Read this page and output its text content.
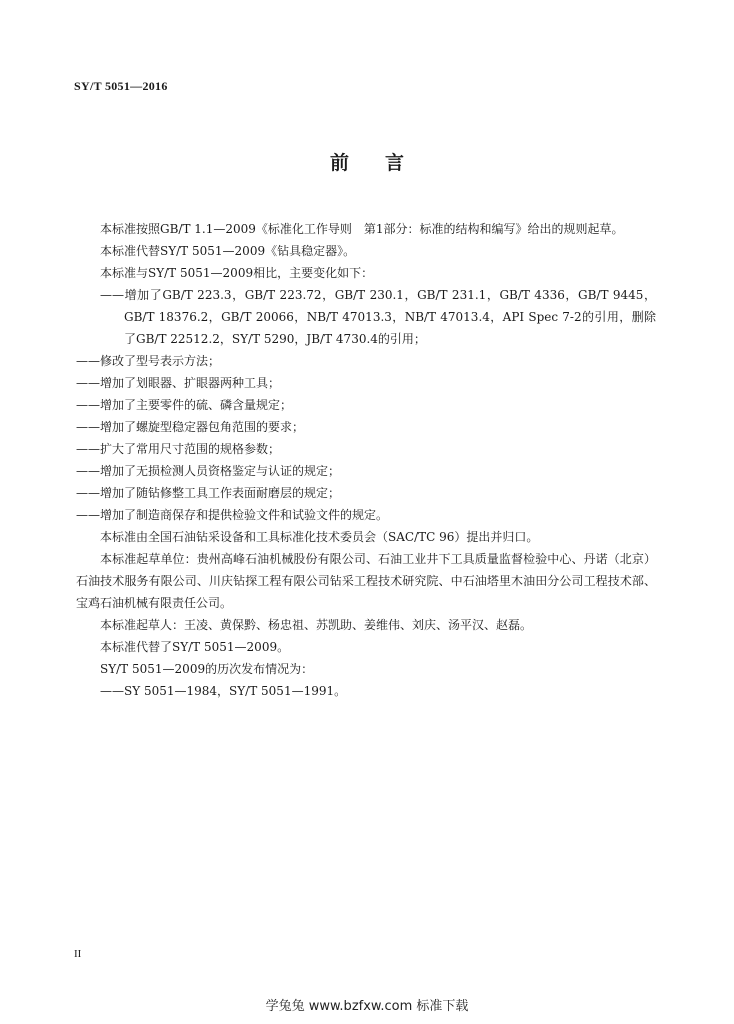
SY/T 5051—2016
前 言

本标准按照GB/T 1.1—2009《标准化工作导则　第1部分：标准的结构和编写》给出的规则起草。

本标准代替SY/T 5051—2009《钻具稳定器》。

本标准与SY/T 5051—2009相比，主要变化如下：

——增加了GB/T 223.3，GB/T 223.72，GB/T 230.1，GB/T 231.1，GB/T 4336，GB/T 9445，GB/T 18376.2，GB/T 20066，NB/T 47013.3，NB/T 47013.4，API Spec 7-2的引用，删除了GB/T 22512.2，SY/T 5290，JB/T 4730.4的引用；

——修改了型号表示方法；

——增加了划眼器、扩眼器两种工具；

——增加了主要零件的硫、磷含量规定；

——增加了螺旋型稳定器包角范围的要求；

——扩大了常用尺寸范围的规格参数；

——增加了无损检测人员资格鉴定与认证的规定；

——增加了随钻修整工具工作表面耐磨层的规定；

——增加了制造商保存和提供检验文件和试验文件的规定。

本标准由全国石油钻采设备和工具标准化技术委员会（SAC/TC 96）提出并归口。

本标准起草单位：贵州高峰石油机械股份有限公司、石油工业井下工具质量监督检验中心、丹诺（北京）石油技术服务有限公司、川庆钻探工程有限公司钻采工程技术研究院、中石油塔里木油田分公司工程技术部、宝鸡石油机械有限责任公司。

本标准起草人：王凌、黄保黔、杨忠祖、苏凯助、姜维伟、刘庆、汤平汉、赵磊。

本标准代替了SY/T 5051—2009。

SY/T 5051—2009的历次发布情况为：

——SY 5051—1984，SY/T 5051—1991。

II
学兔兔 www.bzfxw.com 标准下载
